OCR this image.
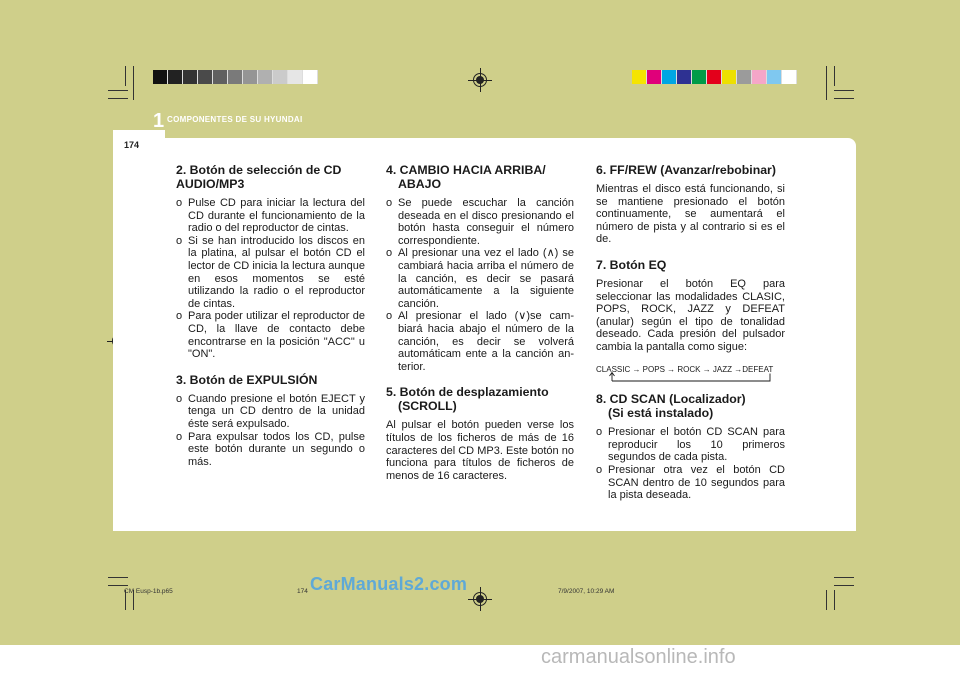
1 COMPONENTES DE SU HYUNDAI
174
2. Botón de selección de CD
AUDIO/MP3
o Pulse CD para iniciar la lectura del CD durante el funcionamiento de la radio o del reproductor de cintas.
o Si se han introducido los discos en la platina, al pulsar el botón CD el lector de CD inicia la lectura aunque en esos momentos se esté utilizando la radio o el reproductor de cintas.
o Para poder utilizar el reproductor de CD, la llave de contacto debe encontrarse en la posición "ACC" u "ON".
3. Botón de EXPULSIÓN
o Cuando presione el botón EJECT y tenga un CD dentro de la unidad éste será expulsado.
o Para expulsar todos los CD, pulse este botón durante un segundo o más.
4. CAMBIO HACIA ARRIBA/
ABAJO
o Se puede escuchar la canción deseada en el disco presionando el botón hasta conseguir el número correspondiente.
o Al presionar una vez el lado (∧) se cambiará hacia arriba el número de la canción, es decir se pasará automáticamente a la siguiente canción.
o Al presionar el lado (∨)se cam-biará hacia abajo el número de la canción, es decir se volverá automáticam ente a la canción an-terior.
5. Botón de desplazamiento
(SCROLL)

Al pulsar el botón pueden verse los títulos de los ficheros de más de 16 caracteres del CD MP3. Este botón no funciona para títulos de ficheros de menos de 16 caracteres.

6. FF/REW (Avanzar/rebobinar)

Mientras el disco está funcionando, si se mantiene presionado el botón continuamente, se aumentará el número de pista y al contrario si es el de.

7. Botón EQ

Presionar el botón EQ para seleccionar las modalidades CLASIC, POPS, ROCK, JAZZ y DEFEAT (anular) según el tipo de tonalidad deseado. Cada presión del pulsador cambia la pantalla como sigue:

CLASSIC → POPS → ROCK → JAZZ →DEFEAT
8. CD SCAN (Localizador)
(Si está instalado)
o Presionar el botón CD SCAN para reproducir los 10 primeros segundos de cada pista.
o Presionar otra vez el botón CD SCAN dentro de 10 segundos para la pista deseada.
CM Eusp-1b.p65	174	7/9/2007, 10:29 AM
CarManuals2.com
carmanualsonline.info
